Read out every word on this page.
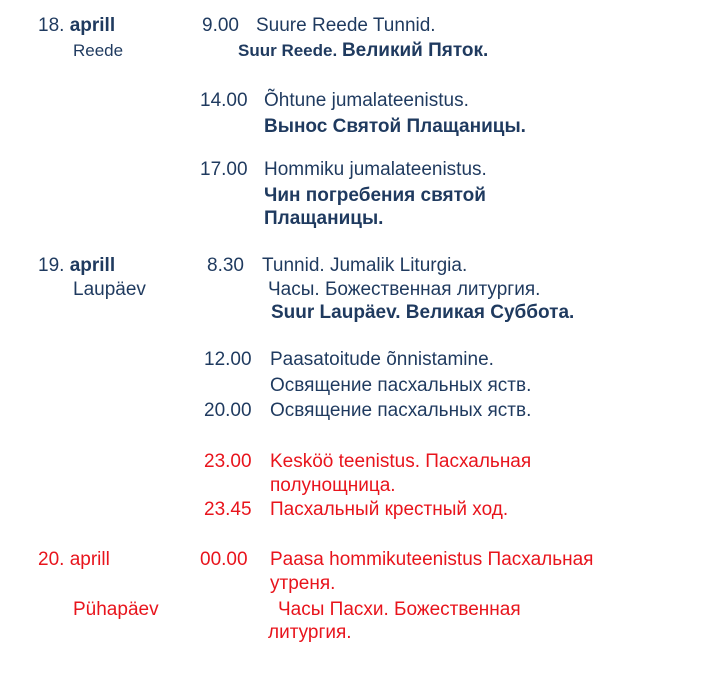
18. aprill
Reede
9.00 Suure Reede Tunnid.
Suur Reede. Великий Пяток.
14.00 Õhtune jumalateenistus.
Вынос Святой Плащаницы.
17.00 Hommiku jumalateenistus.
Чин погребения святой
Плащаницы.
19. aprill
Laupäev
8.30 Tunnid. Jumalik Liturgia.
Часы. Божественная литургия.
Suur Laupäev. Великая Суббота.
12.00 Paasatoitude õnnistamine.
Освящение пасхальных яств.
20.00 Освящение пасхальных яств.
23.00 Kesköö teenistus. Пасхальная
полунощница.
23.45 Пасхальный крестный ход.
20. aprill
Pühapäev
00.00 Paasa hommikuteenistus Пасхальная
утреня.
Часы Пасхи. Божественная
литургия.
